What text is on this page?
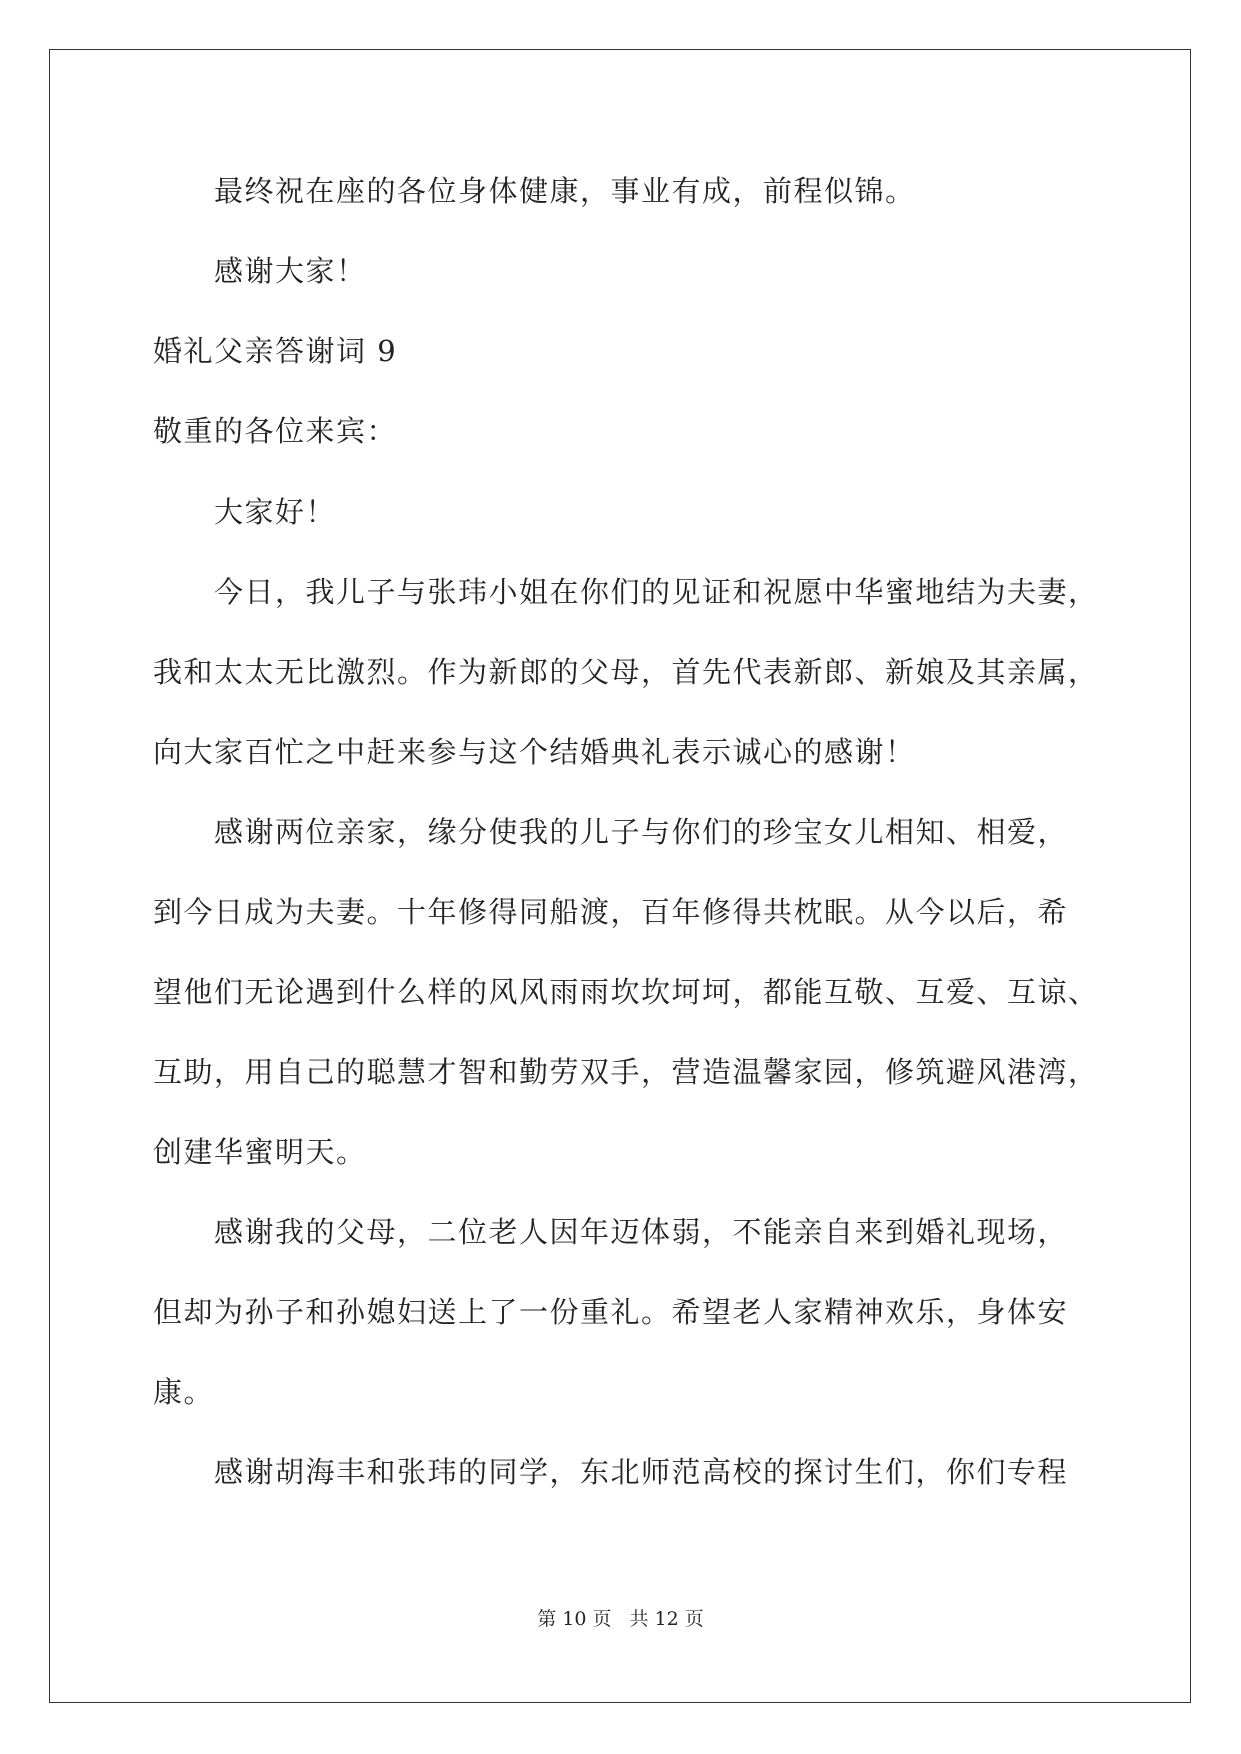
最终祝在座的各位身体健康，事业有成，前程似锦。
感谢大家！
婚礼父亲答谢词 9
敬重的各位来宾：
大家好！
今日，我儿子与张玮小姐在你们的见证和祝愿中华蜜地结为夫妻，
我和太太无比激烈。作为新郎的父母，首先代表新郎、新娘及其亲属，
向大家百忙之中赶来参与这个结婚典礼表示诚心的感谢！
感谢两位亲家，缘分使我的儿子与你们的珍宝女儿相知、相爱，
到今日成为夫妻。十年修得同船渡，百年修得共枕眠。从今以后，希
望他们无论遇到什么样的风风雨雨坎坎坷坷，都能互敬、互爱、互谅、
互助，用自己的聪慧才智和勤劳双手，营造温馨家园，修筑避风港湾，
创建华蜜明天。
感谢我的父母，二位老人因年迈体弱，不能亲自来到婚礼现场，
但却为孙子和孙媳妇送上了一份重礼。希望老人家精神欢乐，身体安
康。
感谢胡海丰和张玮的同学，东北师范高校的探讨生们，你们专程
第 10 页 共 12 页
